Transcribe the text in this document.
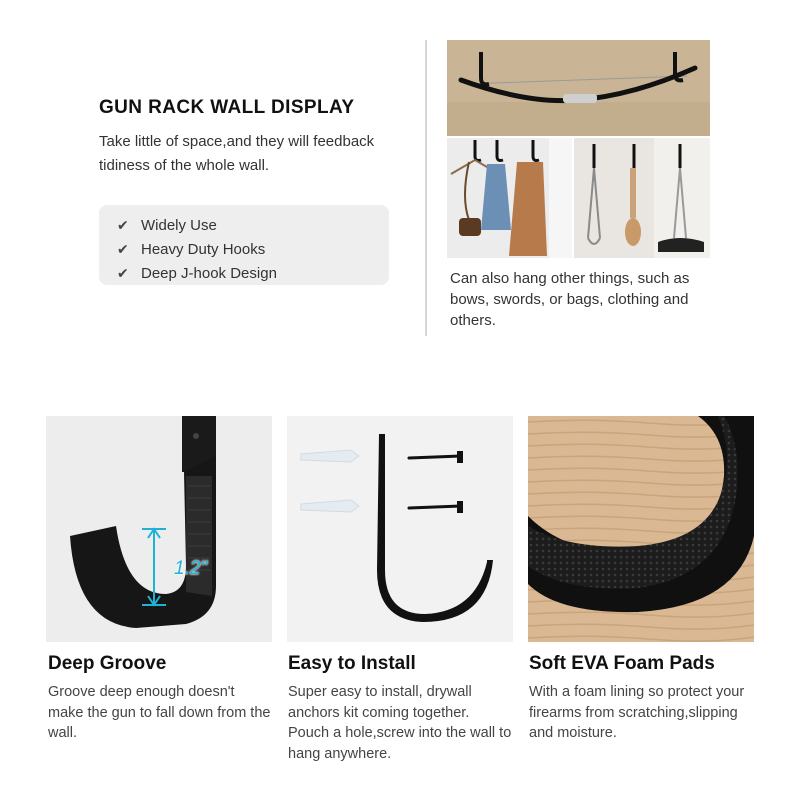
GUN RACK WALL DISPLAY
Take little of space,and they will feedback tidiness of the whole wall.
✔ Widely Use
✔ Heavy Duty Hooks
✔ Deep J-hook Design	Can also hang other things, such as bows, swords, or bags, clothing and others.
1.2"
Deep Groove
Groove deep enough doesn't make the gun to fall down from the wall.
Easy to Install
Super easy to install, drywall anchors kit coming together. Pouch a hole,screw into the wall to hang anywhere.
Soft EVA Foam Pads
With a foam lining so protect your firearms from scratching,slipping and moisture.
